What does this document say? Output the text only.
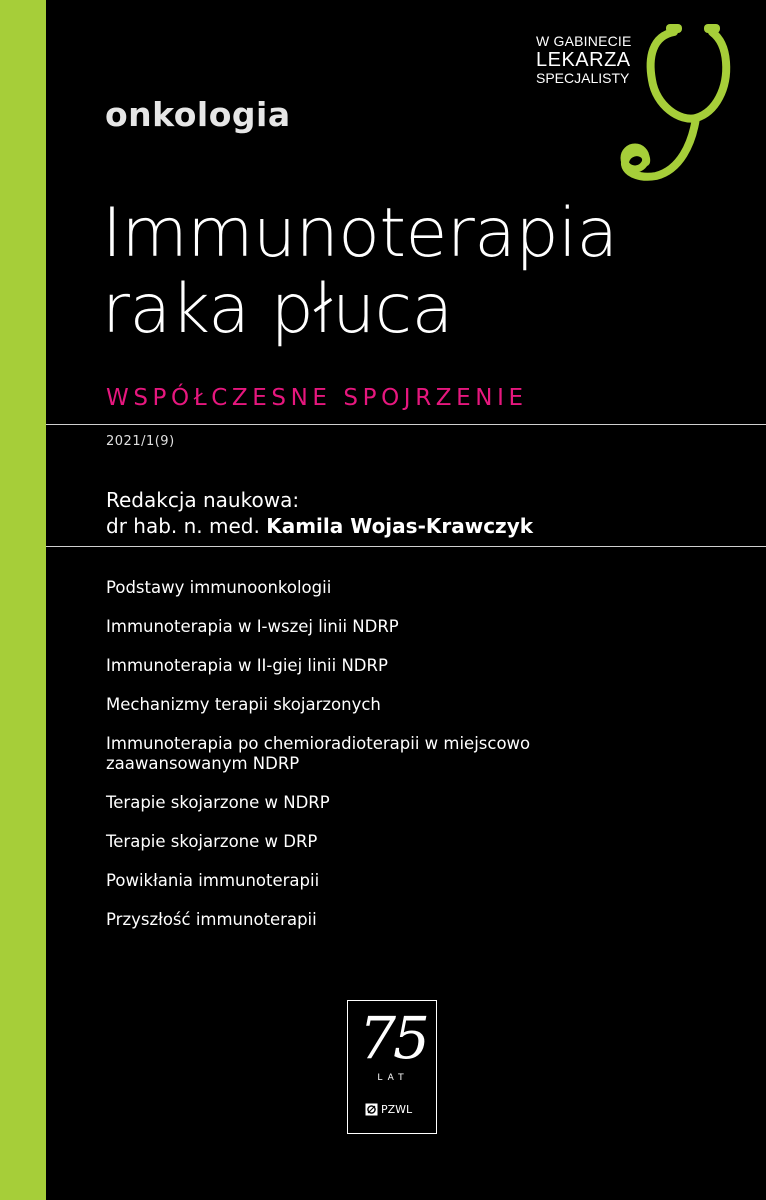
W GABINECIE
LEKARZA
SPECJALISTY
onkologia
Immunoterapia
raka płuca
WSPÓŁCZESNE SPOJRZENIE
2021/1(9)
Redakcja naukowa:
dr hab. n. med. Kamila Wojas-Krawczyk
Podstawy immunoonkologii
Immunoterapia w I-wszej linii NDRP
Immunoterapia w II-giej linii NDRP
Mechanizmy terapii skojarzonych
Immunoterapia po chemioradioterapii w miejscowo zaawansowanym NDRP
Terapie skojarzone w NDRP
Terapie skojarzone w DRP
Powikłania immunoterapii
Przyszłość immunoterapii
75
LAT
PZWL
